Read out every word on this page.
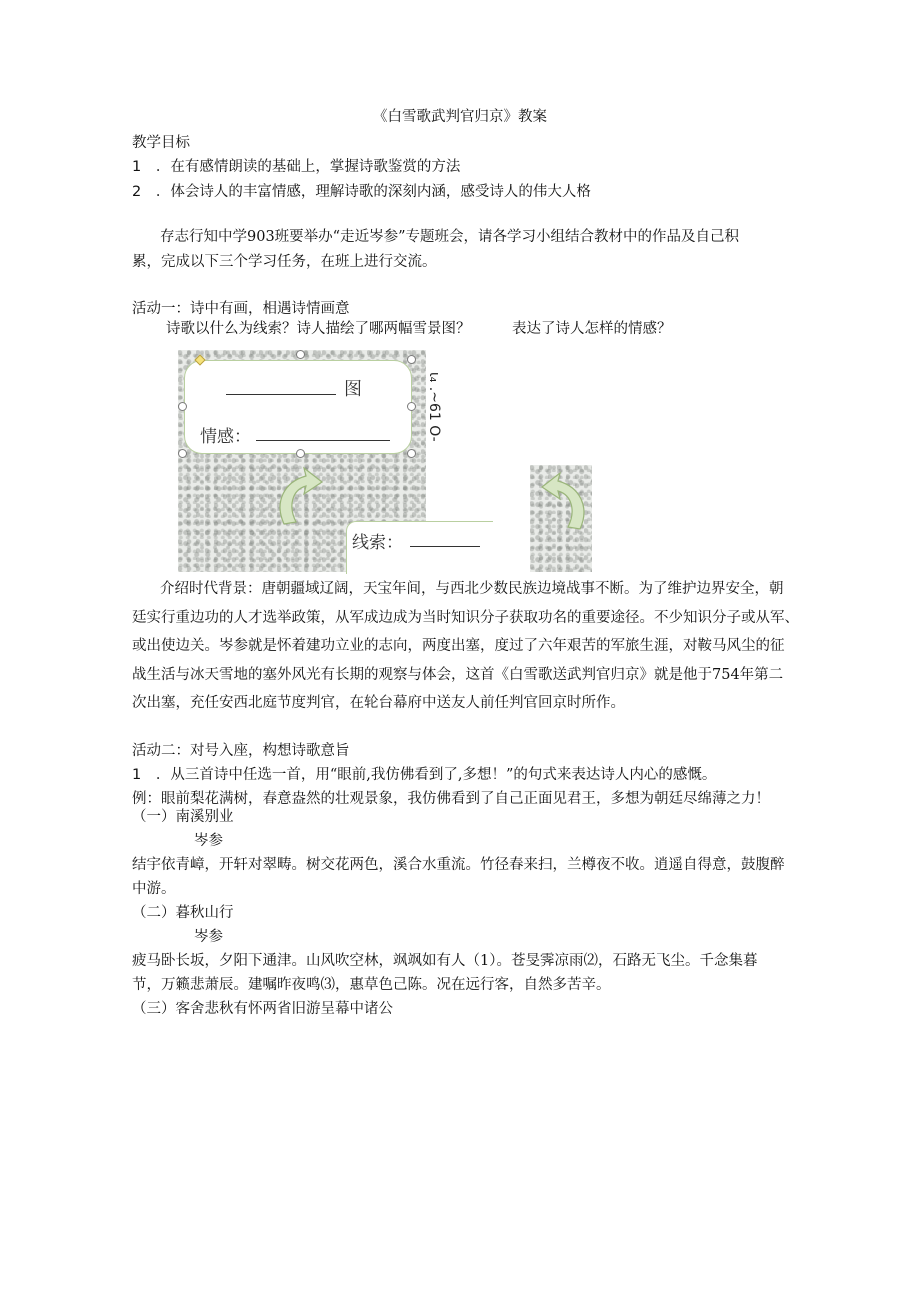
《白雪歌武判官归京》教案
教学目标
1 ．在有感情朗读的基础上，掌握诗歌鉴赏的方法
2 ．体会诗人的丰富情感，理解诗歌的深刻内涵，感受诗人的伟大人格
存志行知中学903班要举办“走近岑参”专题班会，请各学习小组结合教材中的作品及自己积
累，完成以下三个学习任务，在班上进行交流。
活动一：诗中有画，相遇诗情画意
诗歌以什么为线索？诗人描绘了哪两幅雪景图？	表达了诗人怎样的情感？
图
情感：
线索：
ι₄ .~61 O-
介绍时代背景：唐朝疆域辽阔，天宝年间，与西北少数民族边境战事不断。为了维护边界安全，朝
廷实行重边功的人才选举政策，从军成边成为当时知识分子获取功名的重要途径。不少知识分子或从军、
或出使边关。岑参就是怀着建功立业的志向，两度出塞，度过了六年艰苦的军旅生涯，对鞍马风尘的征
战生活与冰天雪地的塞外风光有长期的观察与体会，这首《白雪歌送武判官归京》就是他于754年第二
次出塞，充任安西北庭节度判官，在轮台幕府中送友人前任判官回京时所作。
活动二：对号入座，构想诗歌意旨
1 ．从三首诗中任选一首，用“眼前,我仿佛看到了,多想！”的句式来表达诗人内心的感慨。
例：眼前梨花满树，春意盎然的壮观景象，我仿佛看到了自己正面见君王，多想为朝廷尽绵薄之力！
（一）南溪别业
岑参
结宇依青嶂，开轩对翠畴。树交花两色，溪合水重流。竹径春来扫，兰樽夜不收。逍遥自得意，鼓腹醉
中游。
（二）暮秋山行
岑参
疲马卧长坂，夕阳下通津。山风吹空林，飒飒如有人（1）。苍旻霁凉雨⑵，石路无飞尘。千念集暮
节，万籁悲萧辰。建嘱昨夜鸣⑶，惠草色己陈。况在远行客，自然多苦辛。
（三）客舍悲秋有怀两省旧游呈幕中诸公
